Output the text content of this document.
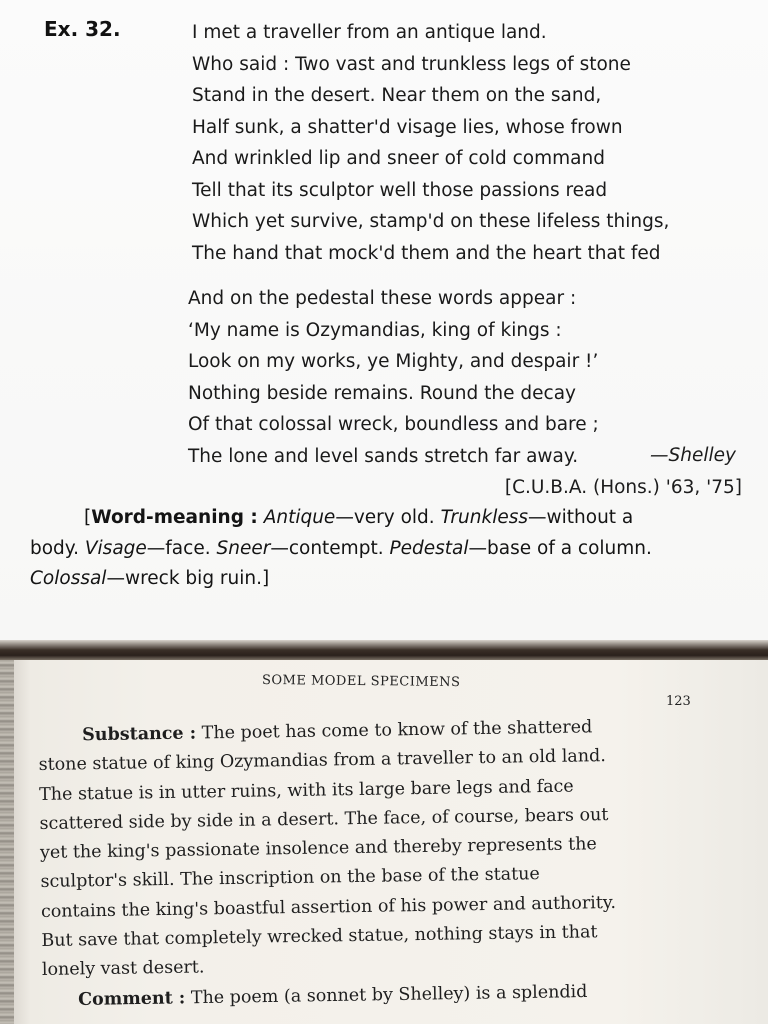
Ex. 32.	I met a traveller from an antique land.
Who said : Two vast and trunkless legs of stone
Stand in the desert. Near them on the sand,
Half sunk, a shatter'd visage lies, whose frown
And wrinkled lip and sneer of cold command
Tell that its sculptor well those passions read
Which yet survive, stamp'd on these lifeless things,
The hand that mock'd them and the heart that fed
And on the pedestal these words appear :
‘My name is Ozymandias, king of kings :
Look on my works, ye Mighty, and despair !’
Nothing beside remains. Round the decay
Of that colossal wreck, boundless and bare ;
The lone and level sands stretch far away.	—Shelley
[C.U.B.A. (Hons.) '63, '75]
[Word-meaning : Antique—very old. Trunkless—without a
body. Visage—face. Sneer—contempt. Pedestal—base of a column.
Colossal—wreck big ruin.]
SOME MODEL SPECIMENS
123
Substance : The poet has come to know of the shattered
stone statue of king Ozymandias from a traveller to an old land.
The statue is in utter ruins, with its large bare legs and face
scattered side by side in a desert. The face, of course, bears out
yet the king's passionate insolence and thereby represents the
sculptor's skill. The inscription on the base of the statue
contains the king's boastful assertion of his power and authority.
But save that completely wrecked statue, nothing stays in that
lonely vast desert.
Comment : The poem (a sonnet by Shelley) is a splendid
